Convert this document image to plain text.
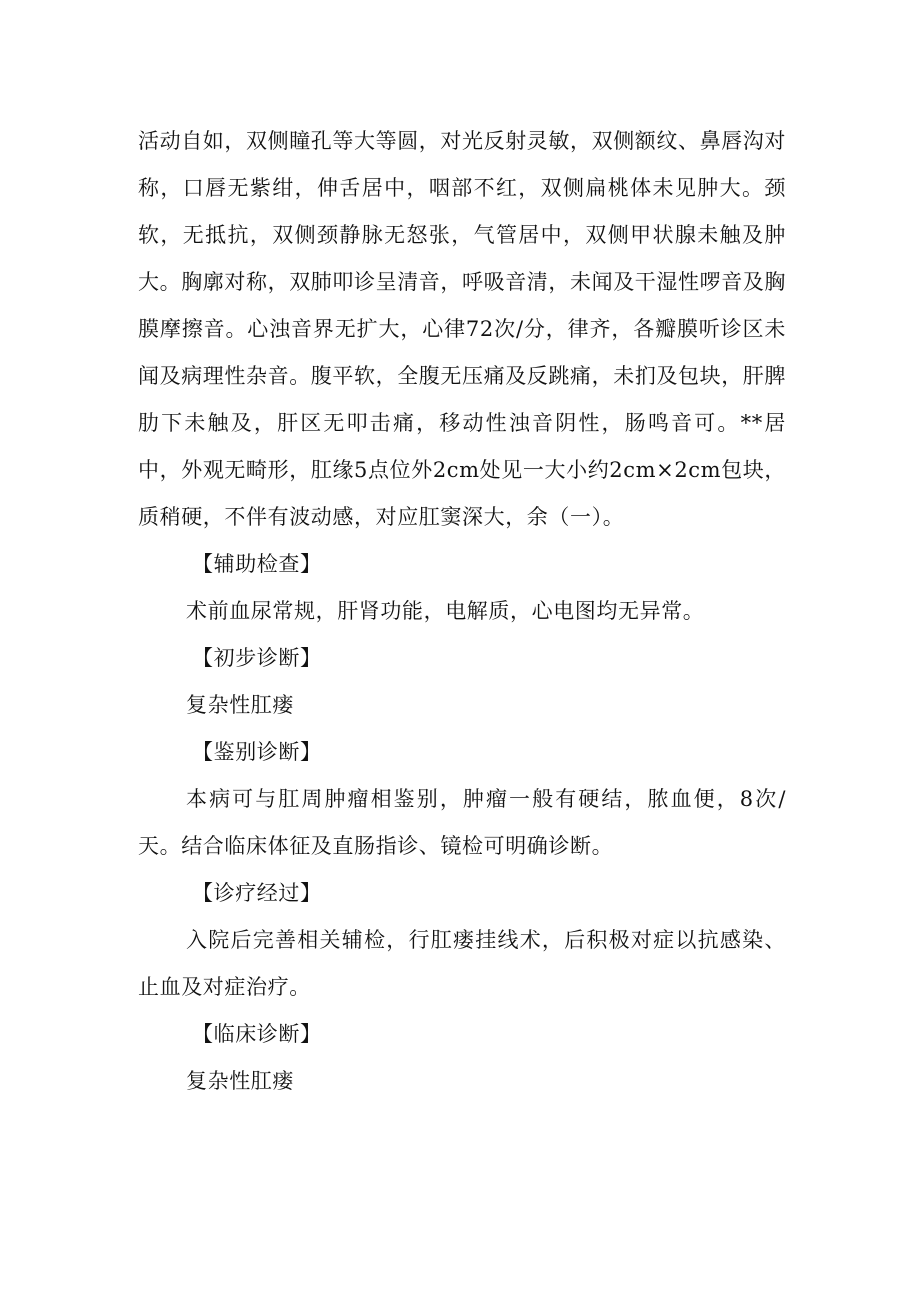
活动自如，双侧瞳孔等大等圆，对光反射灵敏，双侧额纹、鼻唇沟对称，口唇无紫绀，伸舌居中，咽部不红，双侧扁桃体未见肿大。颈软，无抵抗，双侧颈静脉无怒张，气管居中，双侧甲状腺未触及肿大。胸廓对称，双肺叩诊呈清音，呼吸音清，未闻及干湿性啰音及胸膜摩擦音。心浊音界无扩大，心律72次/分，律齐，各瓣膜听诊区未闻及病理性杂音。腹平软，全腹无压痛及反跳痛，未扪及包块，肝脾肋下未触及，肝区无叩击痛，移动性浊音阴性，肠鸣音可。**居中，外观无畸形，肛缘5点位外2cm处见一大小约2cm×2cm包块，质稍硬，不伴有波动感，对应肛窦深大，余（一）。

【辅助检查】

术前血尿常规，肝肾功能，电解质，心电图均无异常。

【初步诊断】

复杂性肛瘘

【鉴别诊断】

本病可与肛周肿瘤相鉴别，肿瘤一般有硬结，脓血便，8次/天。结合临床体征及直肠指诊、镜检可明确诊断。

【诊疗经过】

入院后完善相关辅检，行肛瘘挂线术，后积极对症以抗感染、止血及对症治疗。

【临床诊断】

复杂性肛瘘
